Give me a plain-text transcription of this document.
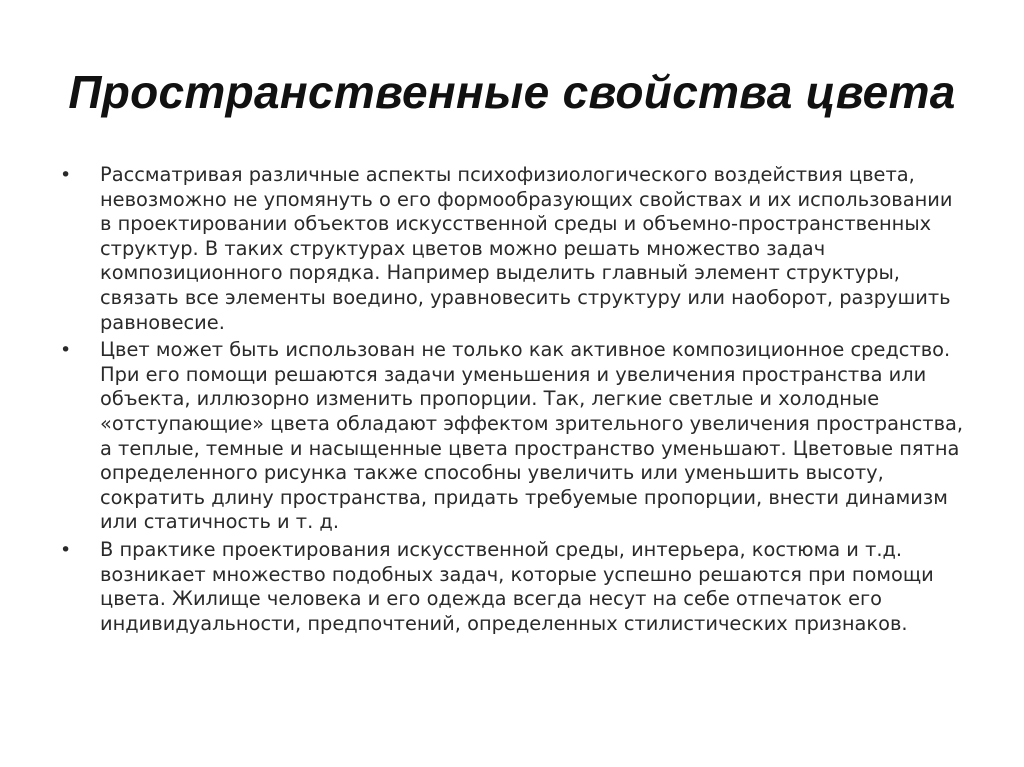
Пространственные свойства цвета
•	Рассматривая различные аспекты психофизиологического воздействия цвета, невозможно не упомянуть о его формообразующих свойствах и их использовании в проектировании объектов искусственной среды и объемно-пространственных структур. В таких структурах цветов можно решать множество задач композиционного порядка. Например выделить главный элемент структуры, связать все элементы воедино, уравновесить структуру или наоборот, разрушить равновесие.
•	Цвет может быть использован не только как активное композиционное средство. При его помощи решаются задачи уменьшения и увеличения пространства или объекта, иллюзорно изменить пропорции. Так, легкие светлые и холодные «отступающие» цвета обладают эффектом зрительного увеличения пространства, а теплые, темные и насыщенные цвета пространство уменьшают. Цветовые пятна определенного рисунка также способны увеличить или уменьшить высоту, сократить длину пространства, придать требуемые пропорции, внести динамизм или статичность и т. д.
•	В практике проектирования искусственной среды, интерьера, костюма и т.д. возникает множество подобных задач, которые успешно решаются при помощи цвета. Жилище человека и его одежда всегда несут на себе отпечаток его индивидуальности, предпочтений, определенных стилистических признаков.
